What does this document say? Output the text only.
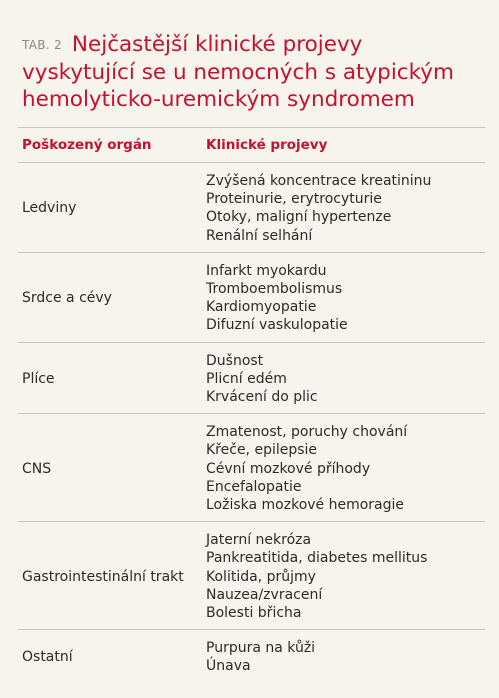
TAB. 2 Nejčastější klinické projevy
vyskytující se u nemocných s atypickým
hemolyticko-uremickým syndromem
Poškozený orgán	Klinické projevy
Ledviny	Zvýšená koncentrace kreatininu
Proteinurie, erytrocyturie
Otoky, maligní hypertenze
Renální selhání

Srdce a cévy	Infarkt myokardu
Tromboembolismus
Kardiomyopatie
Difuzní vaskulopatie

Plíce	Dušnost
Plicní edém
Krvácení do plic

CNS	Zmatenost, poruchy chování
Křeče, epilepsie
Cévní mozkové příhody
Encefalopatie
Ložiska mozkové hemoragie

Gastrointestinální trakt	Jaterní nekróza
Pankreatitida, diabetes mellitus
Kolitida, průjmy
Nauzea/zvracení
Bolesti břicha

Ostatní	Purpura na kůži
Únava
